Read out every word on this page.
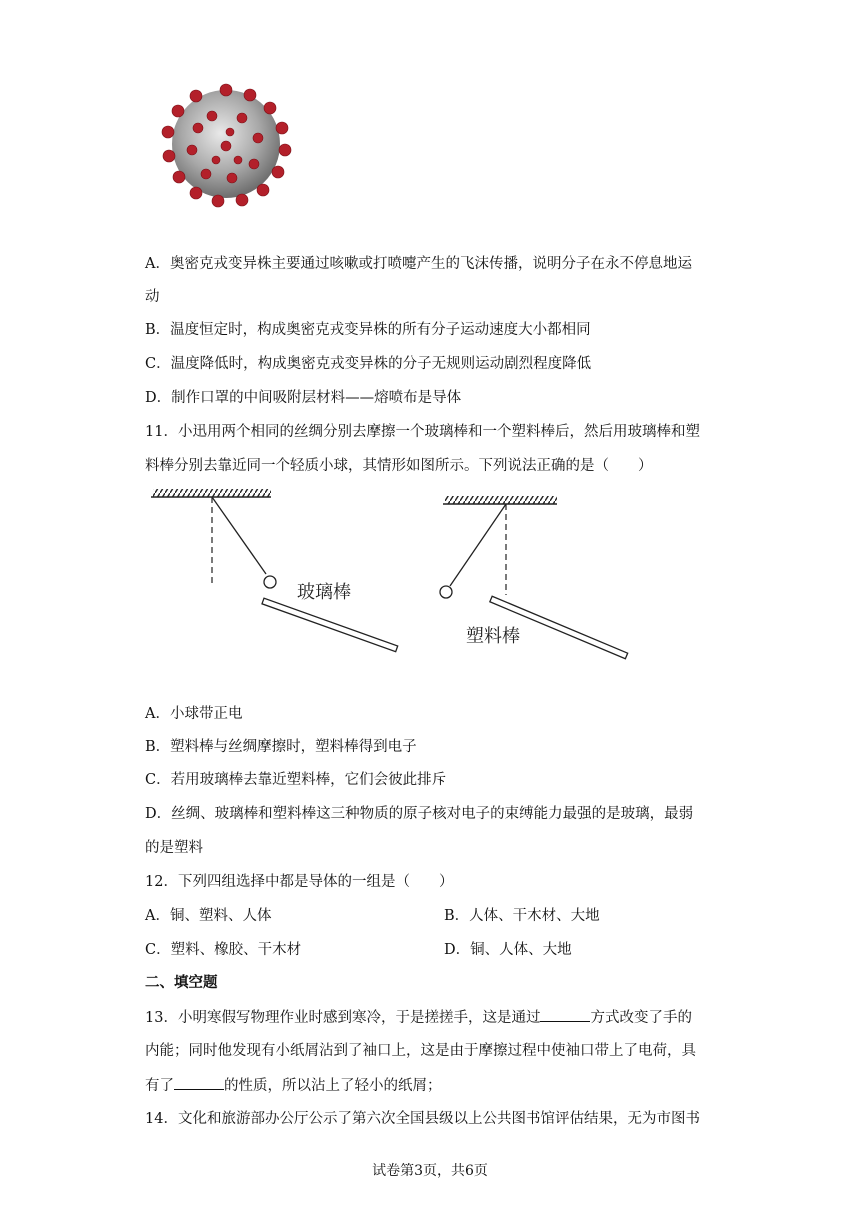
A．奥密克戎变异株主要通过咳嗽或打喷嚏产生的飞沫传播，说明分子在永不停息地运
动
B．温度恒定时，构成奥密克戎变异株的所有分子运动速度大小都相同
C．温度降低时，构成奥密克戎变异株的分子无规则运动剧烈程度降低
D．制作口罩的中间吸附层材料——熔喷布是导体
11．小迅用两个相同的丝绸分别去摩擦一个玻璃棒和一个塑料棒后，然后用玻璃棒和塑
料棒分别去靠近同一个轻质小球，其情形如图所示。下列说法正确的是（　　）
玻璃棒
塑料棒
A．小球带正电
B．塑料棒与丝绸摩擦时，塑料棒得到电子
C．若用玻璃棒去靠近塑料棒，它们会彼此排斥
D．丝绸、玻璃棒和塑料棒这三种物质的原子核对电子的束缚能力最强的是玻璃，最弱
的是塑料
12．下列四组选择中都是导体的一组是（　　）
A．铜、塑料、人体	B．人体、干木材、大地
C．塑料、橡胶、干木材	D．铜、人体、大地
二、填空题
13．小明寒假写物理作业时感到寒冷，于是搓搓手，这是通过	方式改变了手的
内能；同时他发现有小纸屑沾到了袖口上，这是由于摩擦过程中使袖口带上了电荷，具
有了	的性质，所以沾上了轻小的纸屑；
14．文化和旅游部办公厅公示了第六次全国县级以上公共图书馆评估结果，无为市图书
试卷第3页，共6页
